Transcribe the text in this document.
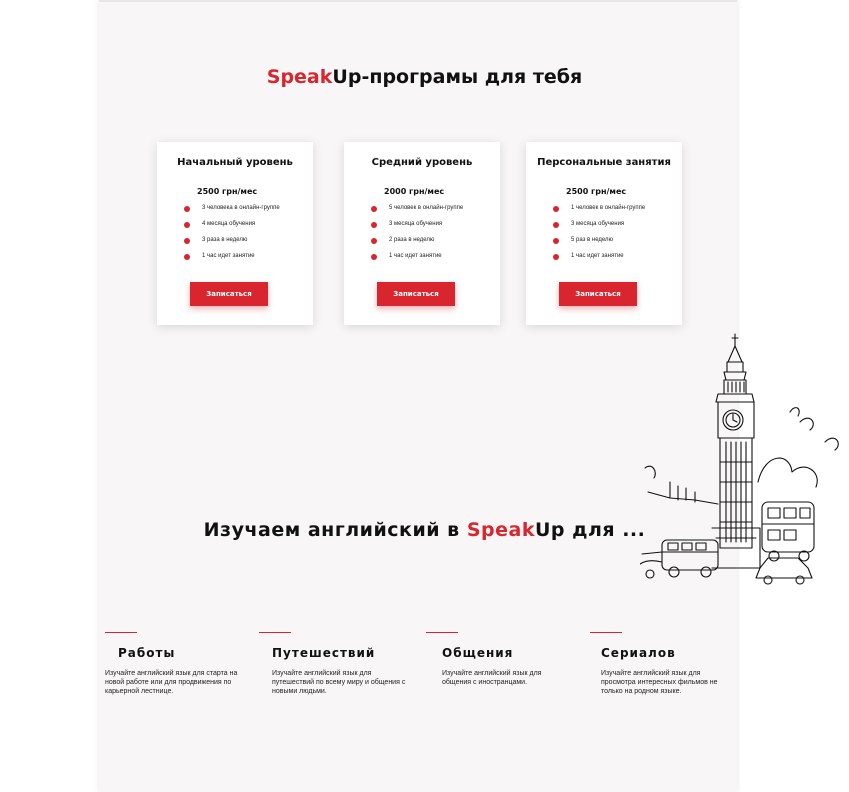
SpeakUp-програмы для тебя
Начальный уровень
2500 грн/мес
3 человека в онлайн-группе
4 месяца обучения
3 раза в неделю
1 час идет занятие
Записаться
Средний уровень
2000 грн/мес
5 человек в онлайн-группе
3 месяца обучения
2 раза в неделю
1 час идет занятие
Записаться
Персональные занятия
2500 грн/мес
1 человек в онлайн-группе
3 месяца обучения
5 раз в неделю
1 час идет занятие
Записаться
Изучаем английский в SpeakUp для ...
Работы
Изучайте английский язык для старта на новой работе или для продвижения по карьерной лестнице.
Путешествий
Изучайте английский язык для путешествий по всему миру и общения с новыми людьми.
Общения
Изучайте английский язык для общения с иностранцами.
Сериалов
Изучайте английский язык для просмотра интересных фильмов не только на родном языке.
